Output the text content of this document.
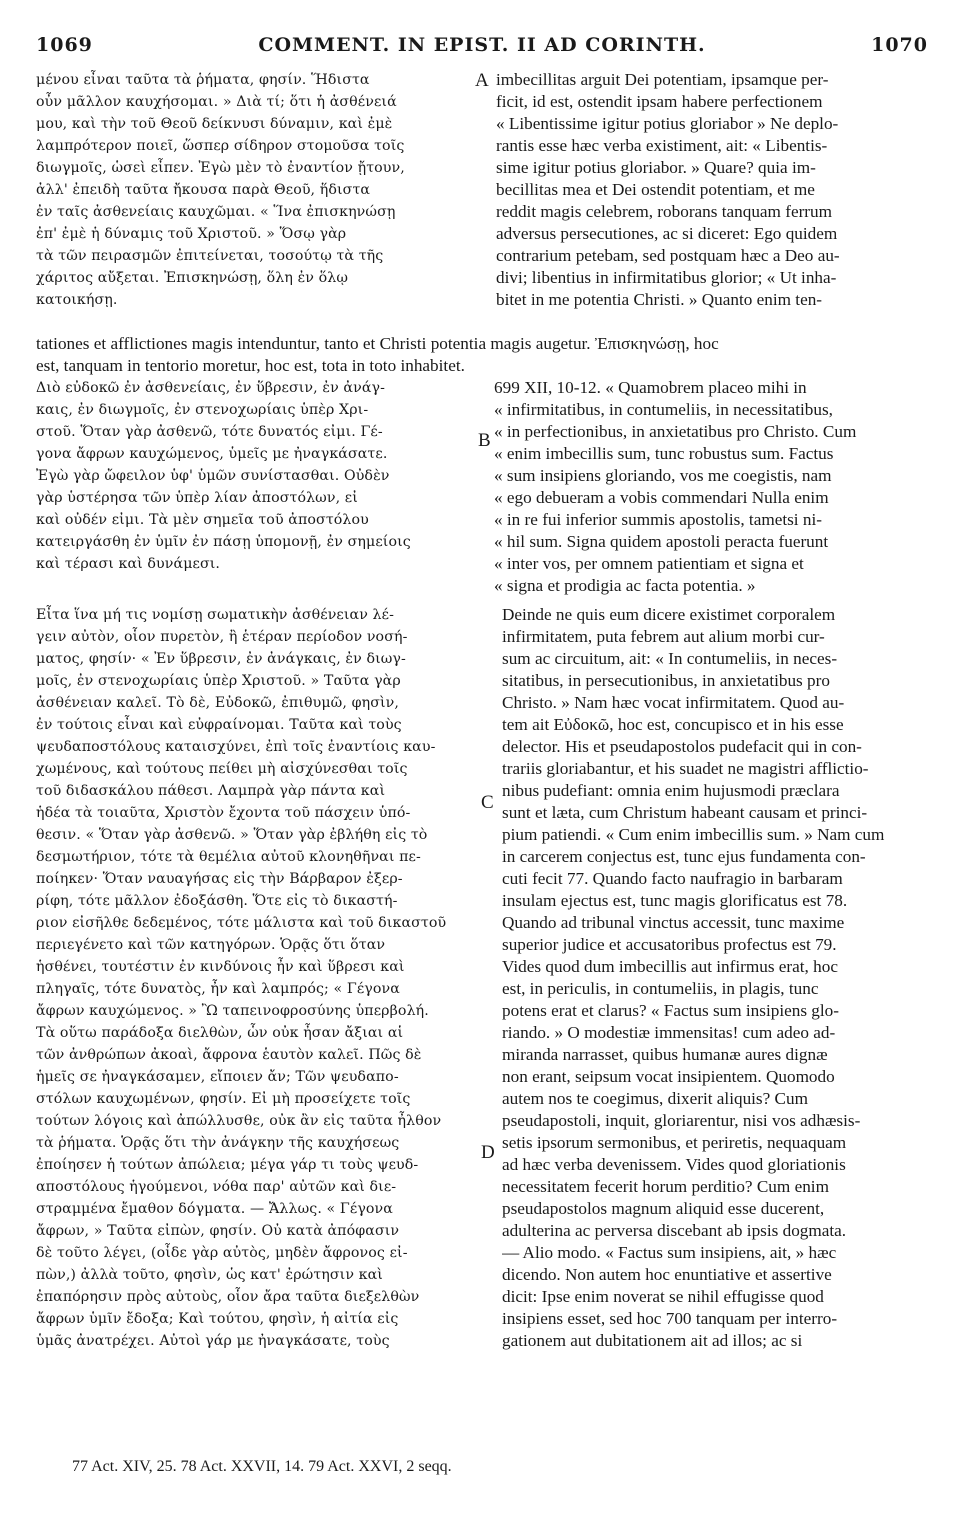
1069	COMMENT. IN EPIST. II AD CORINTH.	1070
μένου εἶναι ταῦτα τὰ ῥήματα, φησίν. Ἥδιστα
οὖν μᾶλλον καυχήσομαι. » Διὰ τί; ὅτι ἡ ἀσθένειά
μου, καὶ τὴν τοῦ Θεοῦ δείκνυσι δύναμιν, καὶ ἐμὲ
λαμπρότερον ποιεῖ, ὥσπερ σίδηρον στομοῦσα τοῖς
διωγμοῖς, ὡσεὶ εἶπεν. Ἐγὼ μὲν τὸ ἐναντίον ᾔτουν,
ἀλλ' ἐπειδὴ ταῦτα ἤκουσα παρὰ Θεοῦ, ἥδιστα
ἐν ταῖς ἀσθενείαις καυχῶμαι. « Ἵνα ἐπισκηνώσῃ
ἐπ' ἐμὲ ἡ δύναμις τοῦ Χριστοῦ. » Ὅσῳ γὰρ
τὰ τῶν πειρασμῶν ἐπιτείνεται, τοσούτῳ τὰ τῆς
χάριτος αὔξεται. Ἐπισκηνώσῃ, ὅλη ἐν ὅλῳ
κατοικήσῃ.
imbecillitas arguit Dei potentiam, ipsamque per-
ficit, id est, ostendit ipsam habere perfectionem
« Libentissime igitur potius gloriabor » Ne deplo-
rantis esse hæc verba existiment, ait: « Libentis-
sime igitur potius gloriabor. » Quare? quia im-
becillitas mea et Dei ostendit potentiam, et me
reddit magis celebrem, roborans tanquam ferrum
adversus persecutiones, ac si diceret: Ego quidem
contrarium petebam, sed postquam hæc a Deo au-
divi; libentius in infirmitatibus glorior; « Ut inha-
bitet in me potentia Christi. » Quanto enim ten-
tationes et afflictiones magis intenduntur, tanto et Christi potentia magis augetur. Ἐπισκηνώσῃ, hoc
est, tanquam in tentorio moretur, hoc est, tota in toto inhabitet.
Διὸ εὐδοκῶ ἐν ἀσθενείαις, ἐν ὕβρεσιν, ἐν ἀνάγ-
καις, ἐν διωγμοῖς, ἐν στενοχωρίαις ὑπὲρ Χρι-
στοῦ. Ὅταν γὰρ ἀσθενῶ, τότε δυνατός εἰμι. Γέ-
γονα ἄφρων καυχώμενος, ὑμεῖς με ἠναγκάσατε.
Ἐγὼ γὰρ ὤφειλον ὑφ' ὑμῶν συνίστασθαι. Οὐδὲν
γὰρ ὑστέρησα τῶν ὑπὲρ λίαν ἀποστόλων, εἰ
καὶ οὐδέν εἰμι. Τὰ μὲν σημεῖα τοῦ ἀποστόλου
κατειργάσθη ἐν ὑμῖν ἐν πάσῃ ὑπομονῇ, ἐν σημείοις
καὶ τέρασι καὶ δυνάμεσι.
699 XII, 10-12. « Quamobrem placeo mihi in
« infirmitatibus, in contumeliis, in necessitatibus,
« in perfectionibus, in anxietatibus pro Christo. Cum
« enim imbecillis sum, tunc robustus sum. Factus
« sum insipiens gloriando, vos me coegistis, nam
« ego debueram a vobis commendari Nulla enim
« in re fui inferior summis apostolis, tametsi ni-
« hil sum. Signa quidem apostoli peracta fuerunt
« inter vos, per omnem patientiam et signa et
« signa et prodigia ac facta potentia. »
Εἶτα ἵνα μή τις νομίσῃ σωματικὴν ἀσθένειαν λέ-
γειν αὐτὸν, οἷον πυρετὸν, ἢ ἑτέραν περίοδον νοσή-
ματος, φησίν· « Ἐν ὕβρεσιν, ἐν ἀνάγκαις, ἐν διωγ-
μοῖς, ἐν στενοχωρίαις ὑπὲρ Χριστοῦ. » Ταῦτα γὰρ
ἀσθένειαν καλεῖ. Τὸ δὲ, Εὐδοκῶ, ἐπιθυμῶ, φησὶν,
ἐν τούτοις εἶναι καὶ εὐφραίνομαι. Ταῦτα καὶ τοὺς
ψευδαποστόλους καταισχύνει, ἐπὶ τοῖς ἐναντίοις καυ-
χωμένους, καὶ τούτους πείθει μὴ αἰσχύνεσθαι τοῖς
τοῦ διδασκάλου πάθεσι. Λαμπρὰ γὰρ πάντα καὶ
ἡδέα τὰ τοιαῦτα, Χριστὸν ἔχοντα τοῦ πάσχειν ὑπό-
θεσιν. « Ὅταν γὰρ ἀσθενῶ. » Ὅταν γὰρ ἐβλήθη εἰς τὸ
δεσμωτήριον, τότε τὰ θεμέλια αὐτοῦ κλονηθῆναι πε-
ποίηκεν· Ὅταν ναυαγήσας εἰς τὴν Βάρβαρον ἐξερ-
ρίφη, τότε μᾶλλον ἐδοξάσθη. Ὅτε εἰς τὸ δικαστή-
ριον εἰσῆλθε δεδεμένος, τότε μάλιστα καὶ τοῦ δικαστοῦ
περιεγένετο καὶ τῶν κατηγόρων. Ὁρᾷς ὅτι ὅταν
ἡσθένει, τουτέστιν ἐν κινδύνοις ἦν καὶ ὕβρεσι καὶ
πληγαῖς, τότε δυνατὸς, ἦν καὶ λαμπρός; « Γέγονα
ἄφρων καυχώμενος. » Ὢ ταπεινοφροσύνης ὑπερβολή.
Τὰ οὕτω παράδοξα διελθὼν, ὧν οὐκ ἦσαν ἄξιαι αἱ
τῶν ἀνθρώπων ἀκοαὶ, ἄφρονα ἑαυτὸν καλεῖ. Πῶς δὲ
ἡμεῖς σε ἠναγκάσαμεν, εἴποιεν ἄν; Τῶν ψευδαπο-
στόλων καυχωμένων, φησίν. Εἰ μὴ προσείχετε τοῖς
τούτων λόγοις καὶ ἀπώλλυσθε, οὐκ ἂν εἰς ταῦτα ἦλθον
τὰ ῥήματα. Ὁρᾷς ὅτι τὴν ἀνάγκην τῆς καυχήσεως
ἐποίησεν ἡ τούτων ἀπώλεια; μέγα γάρ τι τοὺς ψευδ-
αποστόλους ἡγούμενοι, νόθα παρ' αὐτῶν καὶ διε-
στραμμένα ἔμαθον δόγματα. — Ἄλλως. « Γέγονα
ἄφρων, » Ταῦτα εἰπὼν, φησίν. Οὐ κατὰ ἀπόφασιν
δὲ τοῦτο λέγει, (οἶδε γὰρ αὐτὸς, μηδὲν ἄφρονος εἰ-
πὼν,) ἀλλὰ τοῦτο, φησὶν, ὡς κατ' ἐρώτησιν καὶ
ἐπαπόρησιν πρὸς αὐτοὺς, οἷον ἄρα ταῦτα διεξελθὼν
ἄφρων ὑμῖν ἔδοξα; Καὶ τούτου, φησὶν, ἡ αἰτία εἰς
ὑμᾶς ἀνατρέχει. Αὐτοὶ γάρ με ἠναγκάσατε, τοὺς
Deinde ne quis eum dicere existimet corporalem
infirmitatem, puta febrem aut alium morbi cur-
sum ac circuitum, ait: « In contumeliis, in neces-
sitatibus, in persecutionibus, in anxietatibus pro
Christo. » Nam hæc vocat infirmitatem. Quod au-
tem ait Εὐδοκῶ, hoc est, concupisco et in his esse
delector. His et pseudapostolos pudefacit qui in con-
trariis gloriabantur, et his suadet ne magistri afflictio-
nibus pudefiant: omnia enim hujusmodi præclara
sunt et læta, cum Christum habeant causam et princi-
pium patiendi. « Cum enim imbecillis sum. » Nam cum
in carcerem conjectus est, tunc ejus fundamenta con-
cuti fecit 77. Quando facto naufragio in barbaram
insulam ejectus est, tunc magis glorificatus est 78.
Quando ad tribunal vinctus accessit, tunc maxime
superior judice et accusatoribus profectus est 79.
Vides quod dum imbecillis aut infirmus erat, hoc
est, in periculis, in contumeliis, in plagis, tunc
potens erat et clarus? « Factus sum insipiens glo-
riando. » O modestiæ immensitas! cum adeo ad-
miranda narrasset, quibus humanæ aures dignæ
non erant, seipsum vocat insipientem. Quomodo
autem nos te coegimus, dixerit aliquis? Cum
pseudapostoli, inquit, gloriarentur, nisi vos adhæsis-
setis ipsorum sermonibus, et periretis, nequaquam
ad hæc verba devenissem. Vides quod gloriationis
necessitatem fecerit horum perditio? Cum enim
pseudapostolos magnum aliquid esse ducerent,
adulterina ac perversa discebant ab ipsis dogmata.
— Alio modo. « Factus sum insipiens, ait, » hæc
dicendo. Non autem hoc enuntiative et assertive
dicit: Ipse enim noverat se nihil effugisse quod
insipiens esset, sed hoc 700 tanquam per interro-
gationem aut dubitationem ait ad illos; ac si
A
B
C
D
77 Act. XIV, 25. 78 Act. XXVII, 14. 79 Act. XXVI, 2 seqq.
